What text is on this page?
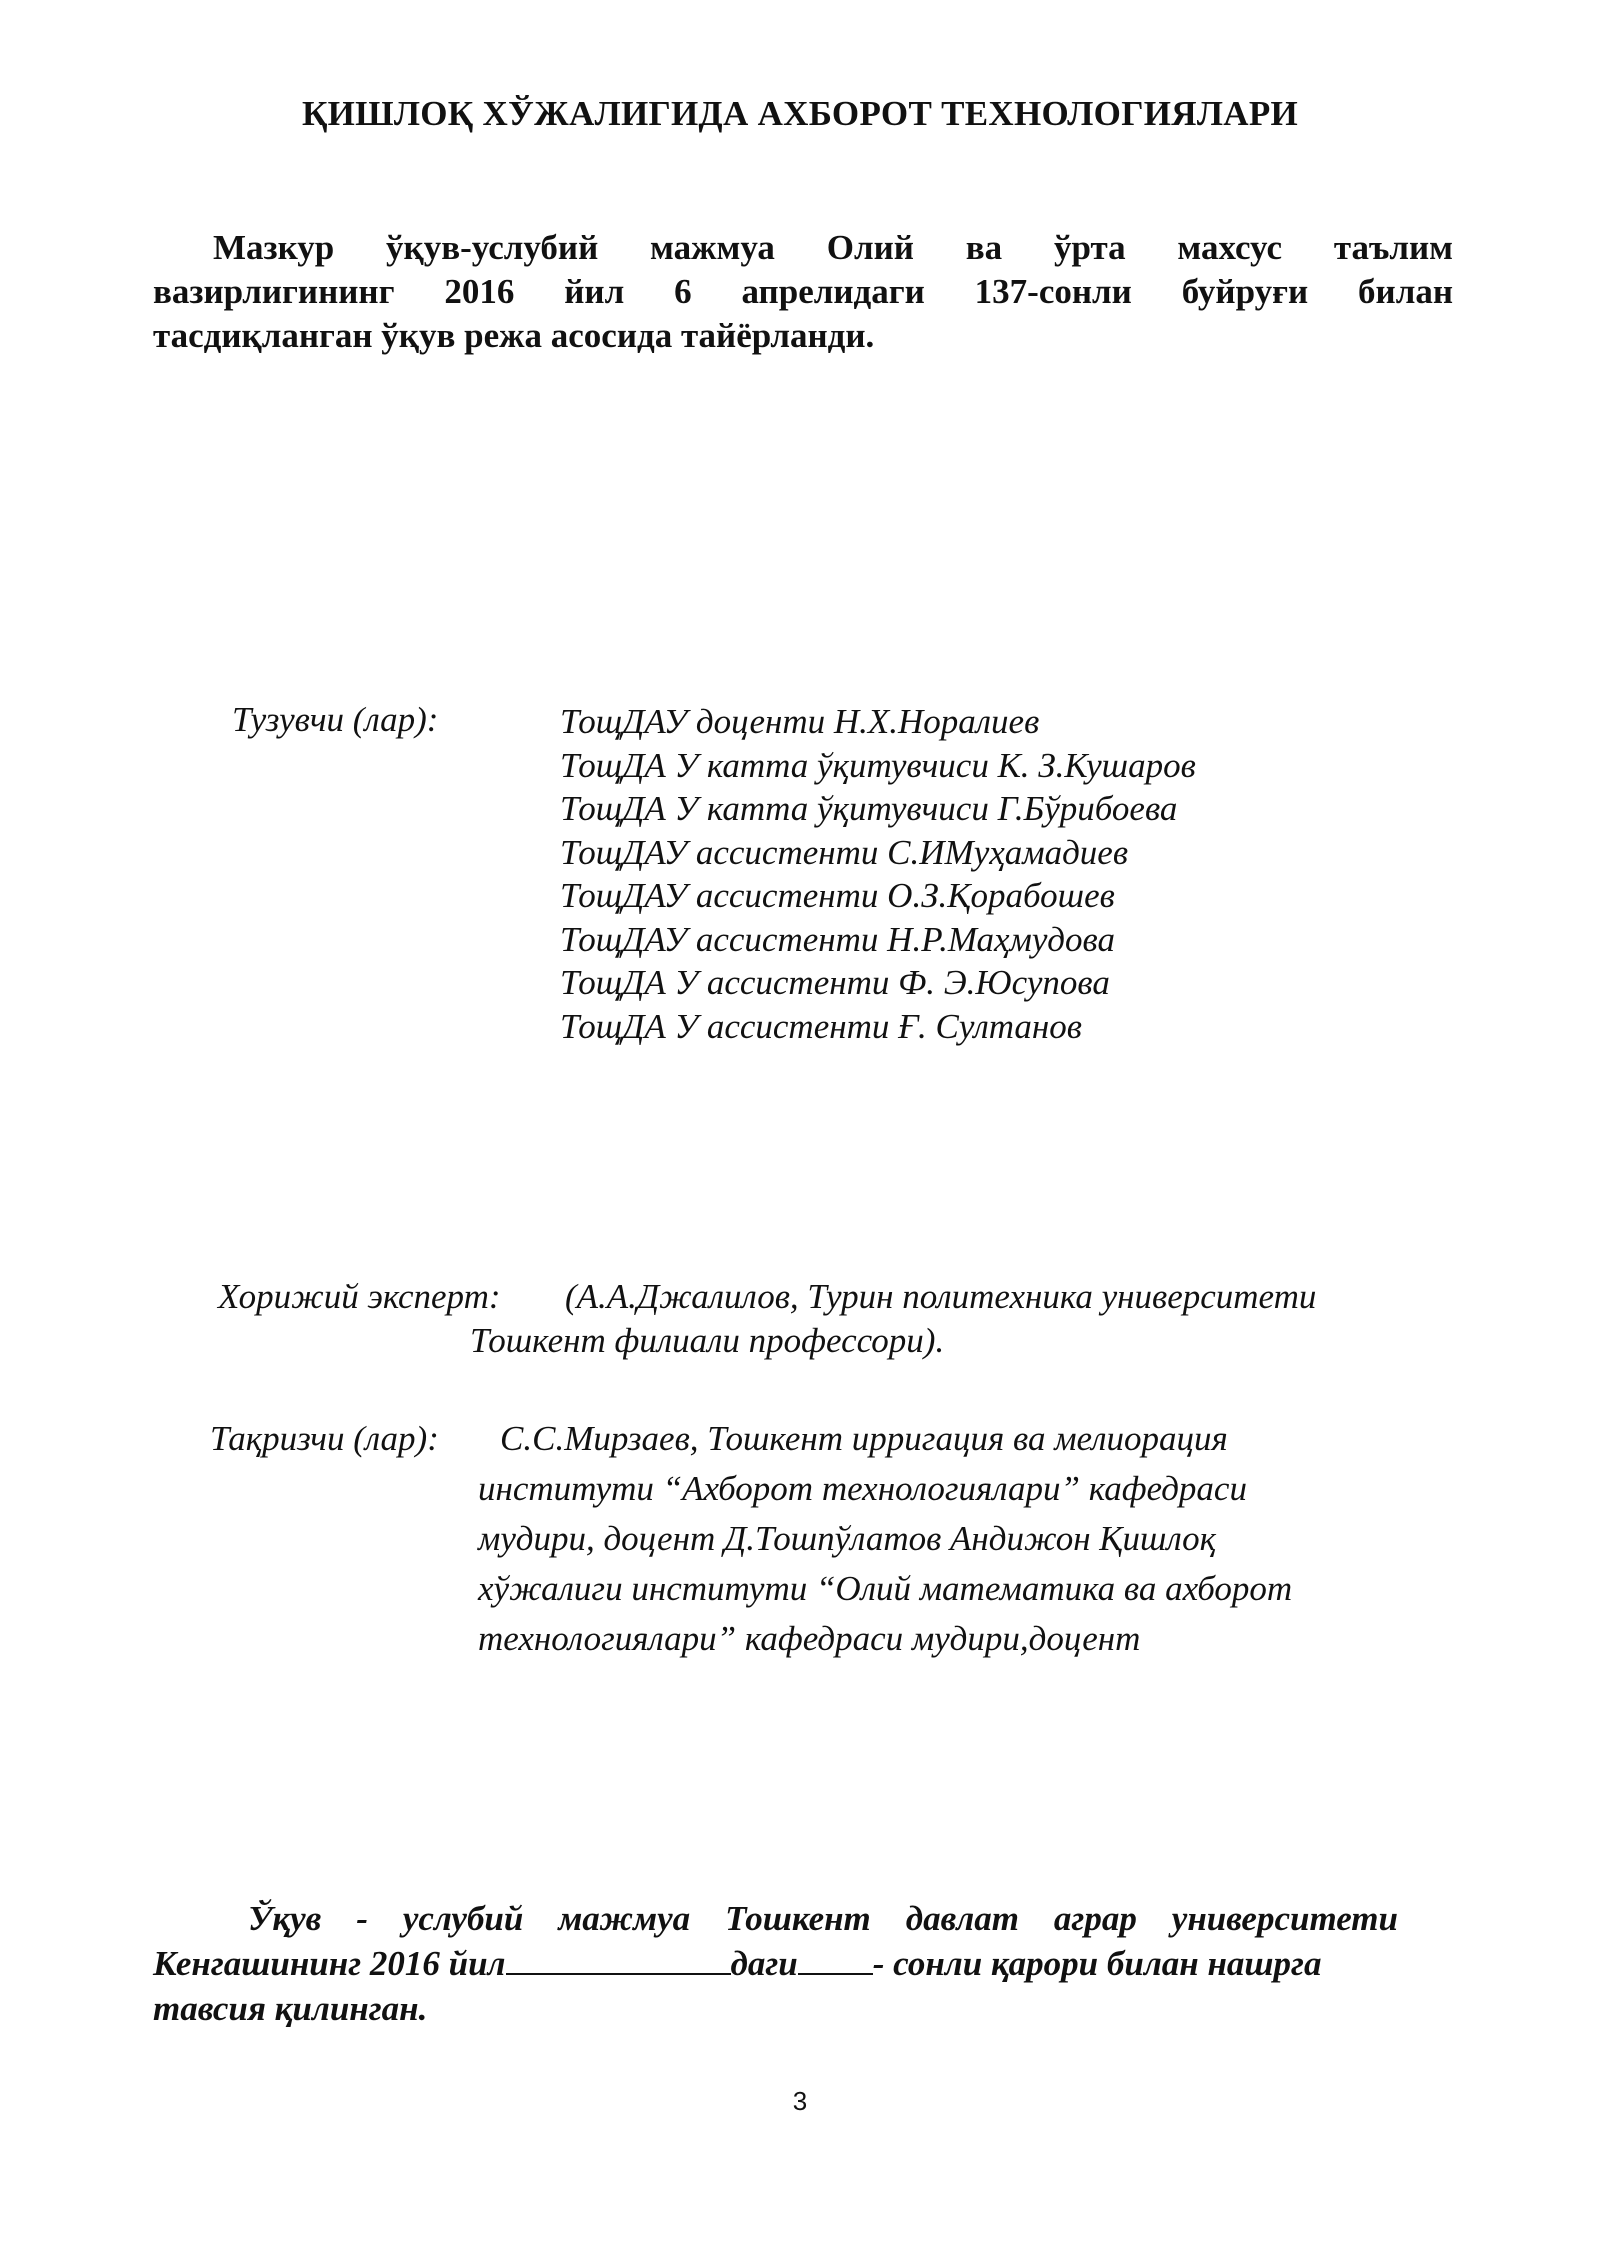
ҚИШЛОҚ ХЎЖАЛИГИДА АХБОРОТ ТЕХНОЛОГИЯЛАРИ
Мазкур ўқув-услубий мажмуа Олий ва ўрта махсус таълим
вазирлигининг 2016 йил 6 апрелидаги 137-сонли буйруғи билан
тасдиқланган ўқув режа асосида тайёрланди.
Тузувчи (лар):	ТощДАУ доценти Н.Х.Нoралиев
ТощДА У катта ўқитувчиси К. З.Кушаров
ТощДА У катта ўқитувчиси Г.Бўрибоева
ТощДАУ ассистенти С.ИМуҳамадиев
ТощДАУ ассистенти О.З.Қорабошев
ТощДАУ ассистенти Н.Р.Маҳмудова
ТощДА У ассистенти Ф. Э.Юсупова
ТощДА У ассистенти Ғ. Султанов
Хорижий эксперт: (А.А.Джалилов, Турин политехника университети
Тошкент филиали профессори).
Тақризчи (лар): С.С.Мирзаев, Тошкент ирригация ва мелиорация
институти “Ахборот технологиялари” кафедраси
мудири, доцент Д.Тошпўлатов Андижон Қишлоқ
хўжалиги институти “Олий математика ва ахборот
технологиялари” кафедраси мудири,доцент
Ўқув - услубий мажмуа Тошкент давлат аграр университети
Кенгашининг 2016 йил	даги - сонли қарори билан нашрга
тавсия қилинган.
3
